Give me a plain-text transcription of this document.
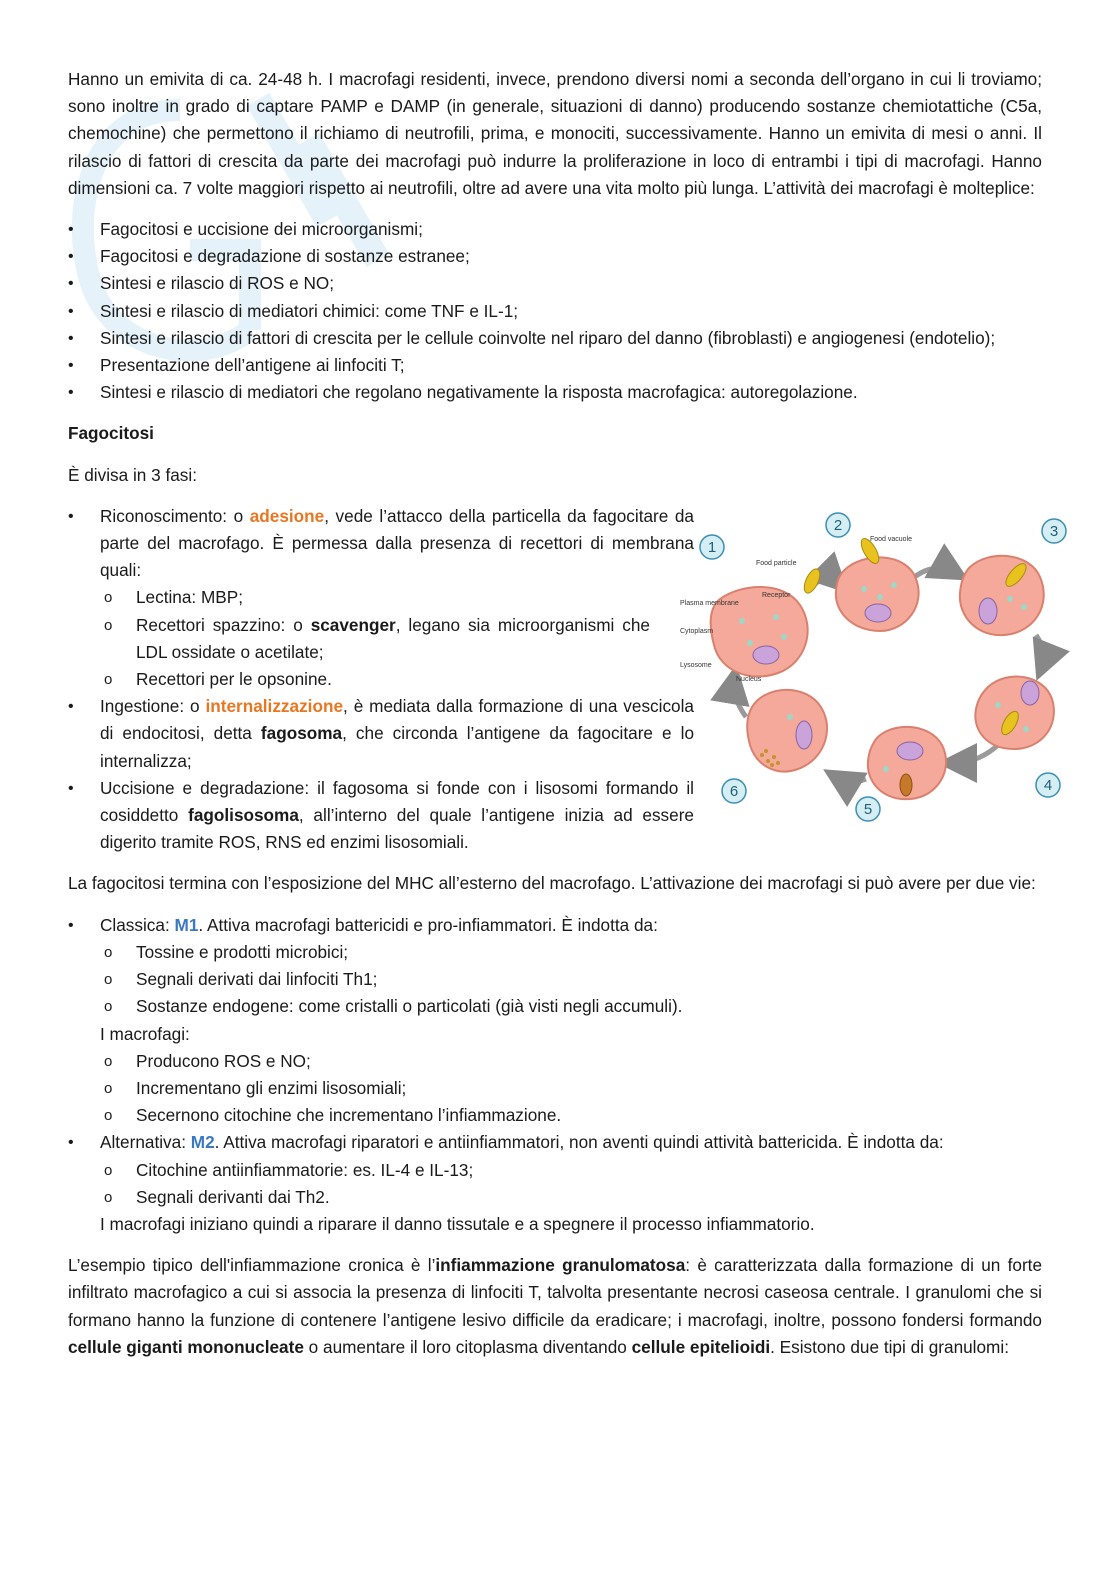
Hanno un emivita di ca. 24-48 h. I macrofagi residenti, invece, prendono diversi nomi a seconda dell’organo in cui li troviamo; sono inoltre in grado di captare PAMP e DAMP (in generale, situazioni di danno) producendo sostanze chemiotattiche (C5a, chemochine) che permettono il richiamo di neutrofili, prima, e monociti, successivamente. Hanno un emivita di mesi o anni. Il rilascio di fattori di crescita da parte dei macrofagi può indurre la proliferazione in loco di entrambi i tipi di macrofagi. Hanno dimensioni ca. 7 volte maggiori rispetto ai neutrofili, oltre ad avere una vita molto più lunga. L’attività dei macrofagi è molteplice:

• Fagocitosi e uccisione dei microorganismi;
• Fagocitosi e degradazione di sostanze estranee;
• Sintesi e rilascio di ROS e NO;
• Sintesi e rilascio di mediatori chimici: come TNF e IL-1;
• Sintesi e rilascio di fattori di crescita per le cellule coinvolte nel riparo del danno (fibroblasti) e angiogenesi (endotelio);
• Presentazione dell’antigene ai linfociti T;
• Sintesi e rilascio di mediatori che regolano negativamente la risposta macrofagica: autoregolazione.

Fagocitosi

È divisa in 3 fasi:

• Riconoscimento: o adesione, vede l’attacco della particella da fagocitare da parte del macrofago. È permessa dalla presenza di recettori di membrana quali:
o Lectina: MBP;
o Recettori spazzino: o scavenger, legano sia microorganismi che LDL ossidate o acetilate;
o Recettori per le opsonine.
• Ingestione: o internalizzazione, è mediata dalla formazione di una vescicola di endocitosi, detta fagosoma, che circonda l’antigene da fagocitare e lo internalizza;
• Uccisione e degradazione: il fagosoma si fonde con i lisosomi formando il cosiddetto fagolisosoma, all’interno del quale l’antigene inizia ad essere digerito tramite ROS, RNS ed enzimi lisosomiali.
Food particle
Receptor
Food vacuole
Plasma membrane
Cytoplasm
Lysosome
Nucleus
1
2	3
4
5
6

La fagocitosi termina con l’esposizione del MHC all’esterno del macrofago. L’attivazione dei macrofagi si può avere per due vie:

• Classica: M1. Attiva macrofagi battericidi e pro-infiammatori. È indotta da:
o Tossine e prodotti microbici;
o Segnali derivati dai linfociti Th1;
o Sostanze endogene: come cristalli o particolati (già visti negli accumuli).
I macrofagi:
o Producono ROS e NO;
o Incrementano gli enzimi lisosomiali;
o Secernono citochine che incrementano l’infiammazione.
• Alternativa: M2. Attiva macrofagi riparatori e antiinfiammatori, non aventi quindi attività battericida. È indotta da:
o Citochine antiinfiammatorie: es. IL-4 e IL-13;
o Segnali derivanti dai Th2.
I macrofagi iniziano quindi a riparare il danno tissutale e a spegnere il processo infiammatorio.

L’esempio tipico dell'infiammazione cronica è l’infiammazione granulomatosa: è caratterizzata dalla formazione di un forte infiltrato macrofagico a cui si associa la presenza di linfociti T, talvolta presentante necrosi caseosa centrale. I granulomi che si formano hanno la funzione di contenere l’antigene lesivo difficile da eradicare; i macrofagi, inoltre, possono fondersi formando cellule giganti mononucleate o aumentare il loro citoplasma diventando cellule epitelioidi. Esistono due tipi di granulomi:
